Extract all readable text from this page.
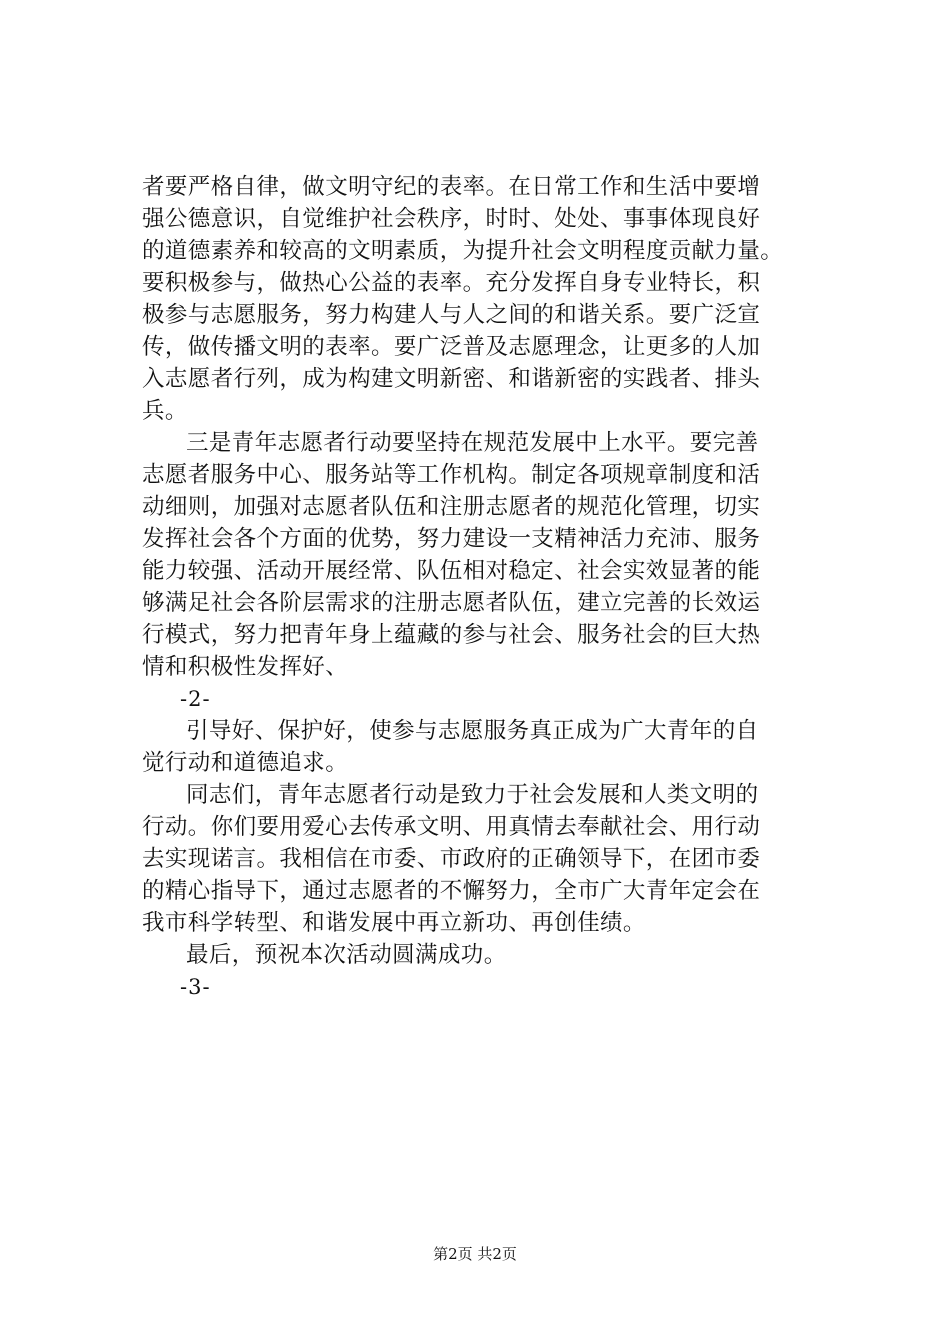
者要严格自律，做文明守纪的表率。在日常工作和生活中要增
强公德意识，自觉维护社会秩序，时时、处处、事事体现良好
的道德素养和较高的文明素质，为提升社会文明程度贡献力量。
要积极参与，做热心公益的表率。充分发挥自身专业特长，积
极参与志愿服务，努力构建人与人之间的和谐关系。要广泛宣
传，做传播文明的表率。要广泛普及志愿理念，让更多的人加
入志愿者行列，成为构建文明新密、和谐新密的实践者、排头
兵。
三是青年志愿者行动要坚持在规范发展中上水平。要完善
志愿者服务中心、服务站等工作机构。制定各项规章制度和活
动细则，加强对志愿者队伍和注册志愿者的规范化管理，切实
发挥社会各个方面的优势，努力建设一支精神活力充沛、服务
能力较强、活动开展经常、队伍相对稳定、社会实效显著的能
够满足社会各阶层需求的注册志愿者队伍，建立完善的长效运
行模式，努力把青年身上蕴藏的参与社会、服务社会的巨大热
情和积极性发挥好、
-2-
引导好、保护好，使参与志愿服务真正成为广大青年的自
觉行动和道德追求。
同志们，青年志愿者行动是致力于社会发展和人类文明的
行动。你们要用爱心去传承文明、用真情去奉献社会、用行动
去实现诺言。我相信在市委、市政府的正确领导下，在团市委
的精心指导下，通过志愿者的不懈努力，全市广大青年定会在
我市科学转型、和谐发展中再立新功、再创佳绩。
最后，预祝本次活动圆满成功。
-3-
第2页 共2页
